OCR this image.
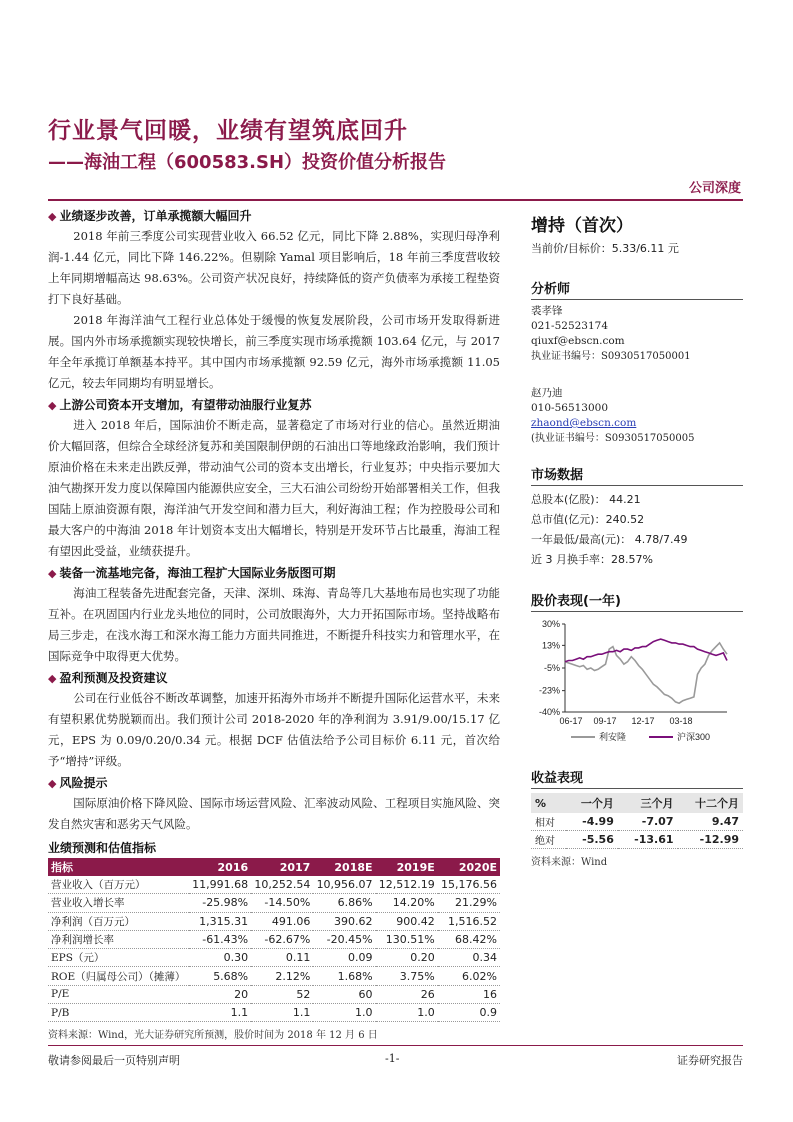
行业景气回暖，业绩有望筑底回升
——海油工程（600583.SH）投资价值分析报告
公司深度
◆ 业绩逐步改善，订单承揽额大幅回升

2018 年前三季度公司实现营业收入 66.52 亿元，同比下降 2.88%，实现归母净利润-1.44 亿元，同比下降 146.22%。但剔除 Yamal 项目影响后，18 年前三季度营收较上年同期增幅高达 98.63%。公司资产状况良好，持续降低的资产负债率为承接工程垫资打下良好基础。

2018 年海洋油气工程行业总体处于缓慢的恢复发展阶段，公司市场开发取得新进展。国内外市场承揽额实现较快增长，前三季度实现市场承揽额 103.64 亿元，与 2017 年全年承揽订单额基本持平。其中国内市场承揽额 92.59 亿元，海外市场承揽额 11.05 亿元，较去年同期均有明显增长。

◆ 上游公司资本开支增加，有望带动油服行业复苏

进入 2018 年后，国际油价不断走高，显著稳定了市场对行业的信心。虽然近期油价大幅回落，但综合全球经济复苏和美国限制伊朗的石油出口等地缘政治影响，我们预计原油价格在未来走出跌反弹，带动油气公司的资本支出增长，行业复苏；中央指示要加大油气勘探开发力度以保障国内能源供应安全，三大石油公司纷纷开始部署相关工作，但我国陆上原油资源有限，海洋油气开发空间和潜力巨大，利好海油工程；作为控股母公司和最大客户的中海油 2018 年计划资本支出大幅增长，特别是开发环节占比最重，海油工程有望因此受益，业绩获提升。

◆ 装备一流基地完备，海油工程扩大国际业务版图可期

海油工程装备先进配套完备，天津、深圳、珠海、青岛等几大基地布局也实现了功能互补。在巩固国内行业龙头地位的同时，公司放眼海外，大力开拓国际市场。坚持战略布局三步走，在浅水海工和深水海工能力方面共同推进，不断提升科技实力和管理水平，在国际竞争中取得更大优势。

◆ 盈利预测及投资建议

公司在行业低谷不断改革调整，加速开拓海外市场并不断提升国际化运营水平，未来有望积累优势脱颖而出。我们预计公司 2018-2020 年的净利润为 3.91/9.00/15.17 亿元，EPS 为 0.09/0.20/0.34 元。根据 DCF 估值法给予公司目标价 6.11 元，首次给予“增持”评级。

◆ 风险提示

国际原油价格下降风险、国际市场运营风险、汇率波动风险、工程项目实施风险、突发自然灾害和恶劣天气风险。

业绩预测和估值指标
指标	2016	2017	2018E	2019E	2020E
营业收入（百万元）	11,991.68	10,252.54	10,956.07	12,512.19	15,176.56
营业收入增长率	-25.98%	-14.50%	6.86%	14.20%	21.29%
净利润（百万元）	1,315.31	491.06	390.62	900.42	1,516.52
净利润增长率	-61.43%	-62.67%	-20.45%	130.51%	68.42%
EPS（元）	0.30	0.11	0.09	0.20	0.34
ROE（归属母公司）（摊薄）	5.68%	2.12%	1.68%	3.75%	6.02%
P/E	20	52	60	26	16
P/B	1.1	1.1	1.0	1.0	0.9
资料来源：Wind，光大证券研究所预测，股价时间为 2018 年 12 月 6 日
增持（首次）
当前价/目标价：5.33/6.11 元
分析师
裘孝锋
021-52523174
qiuxf@ebscn.com
执业证书编号：S0930517050001
赵乃迪
010-56513000
zhaond@ebscn.com
(执业证书编号：S0930517050005
市场数据
总股本(亿股)： 44.21
总市值(亿元)：240.52
一年最低/最高(元)： 4.78/7.49
近 3 月换手率：28.57%
股价表现(一年)
30%
13%
-5%
-23%
-40%
06-17 09-17 12-17 03-18
利安隆	沪深300
收益表现
%	一个月	三个月	十二个月
相对	-4.99	-7.07	9.47
绝对	-5.56	-13.61	-12.99
资料来源：Wind
敬请参阅最后一页特别声明	-1-	证券研究报告
